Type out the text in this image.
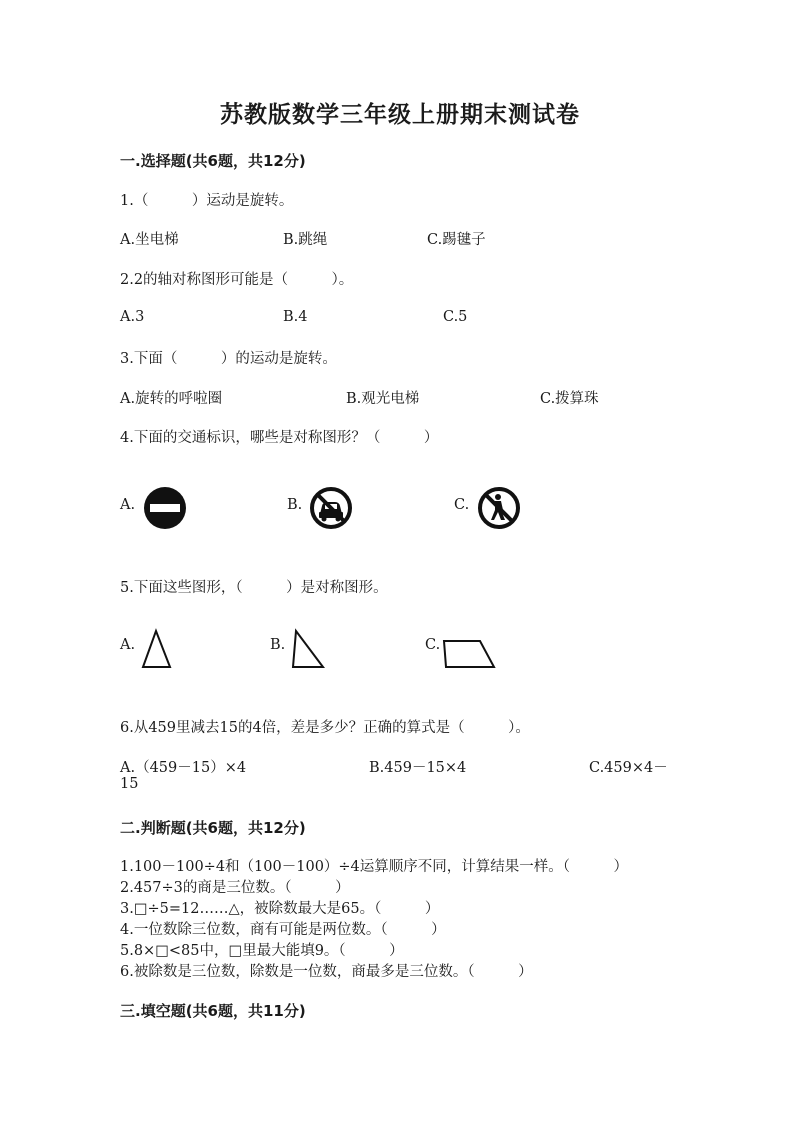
苏教版数学三年级上册期末测试卷
一.选择题(共6题，共12分)
1.（　　　）运动是旋转。
A.坐电梯	B.跳绳	C.踢毽子
2.2的轴对称图形可能是（　　　）。
A.3	B.4	C.5
3.下面（　　　）的运动是旋转。
A.旋转的呼啦圈	B.观光电梯	C.拨算珠
4.下面的交通标识，哪些是对称图形？（　　　）
A.	B.	C.
5.下面这些图形，（　　　）是对称图形。
A.	B.	C.
6.从459里减去15的4倍，差是多少？正确的算式是（　　　）。
A.（459－15）×4	B.459－15×4	C.459×4－
15
二.判断题(共6题，共12分)
1.100－100÷4和（100－100）÷4运算顺序不同，计算结果一样。（　　　）
2.457÷3的商是三位数。（　　　）
3.□÷5=12……△，被除数最大是65。（　　　）
4.一位数除三位数，商有可能是两位数。（　　　）
5.8×□<85中，□里最大能填9。（　　　）
6.被除数是三位数，除数是一位数，商最多是三位数。（　　　）
三.填空题(共6题，共11分)
